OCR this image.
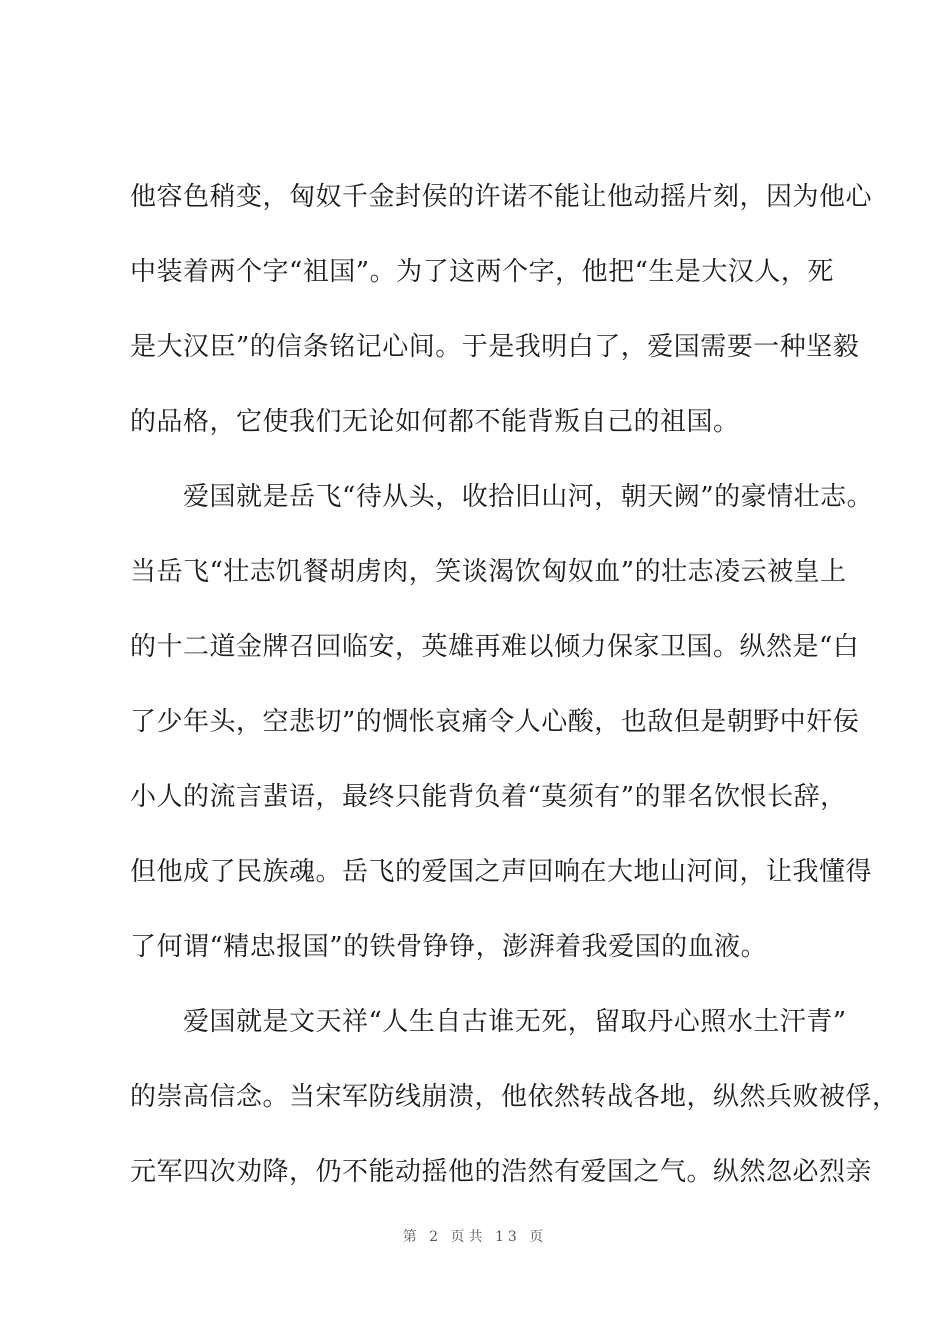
他容色稍变，匈奴千金封侯的许诺不能让他动摇片刻，因为他心
中装着两个字“祖国”。为了这两个字，他把“生是大汉人，死
是大汉臣”的信条铭记心间。于是我明白了，爱国需要一种坚毅
的品格，它使我们无论如何都不能背叛自己的祖国。
　　爱国就是岳飞“待从头，收拾旧山河，朝天阙”的豪情壮志。
当岳飞“壮志饥餐胡虏肉，笑谈渴饮匈奴血”的壮志凌云被皇上
的十二道金牌召回临安，英雄再难以倾力保家卫国。纵然是“白
了少年头，空悲切”的惆怅哀痛令人心酸，也敌但是朝野中奸佞
小人的流言蜚语，最终只能背负着“莫须有”的罪名饮恨长辞，
但他成了民族魂。岳飞的爱国之声回响在大地山河间，让我懂得
了何谓“精忠报国”的铁骨铮铮，澎湃着我爱国的血液。
　　爱国就是文天祥“人生自古谁无死，留取丹心照水土汗青”
的崇高信念。当宋军防线崩溃，他依然转战各地，纵然兵败被俘，
元军四次劝降，仍不能动摇他的浩然有爱国之气。纵然忽必烈亲
第 2 页共 13 页
